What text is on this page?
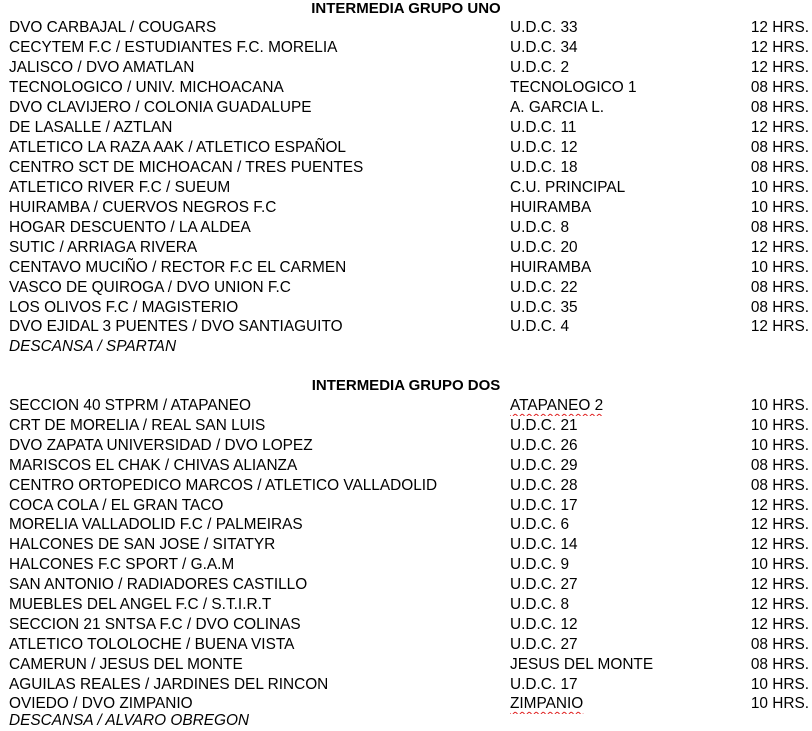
INTERMEDIA GRUPO UNO
DVO CARBAJAL / COUGARS	U.D.C. 33	12 HRS.
CECYTEM F.C / ESTUDIANTES F.C. MORELIA	U.D.C. 34	12 HRS.
JALISCO / DVO AMATLAN	U.D.C. 2	12 HRS.
TECNOLOGICO / UNIV. MICHOACANA	TECNOLOGICO 1	08 HRS.
DVO CLAVIJERO / COLONIA GUADALUPE	A. GARCIA L.	08 HRS.
DE LASALLE / AZTLAN	U.D.C. 11	12 HRS.
ATLETICO LA RAZA AAK / ATLETICO ESPAÑOL	U.D.C. 12	08 HRS.
CENTRO SCT DE MICHOACAN / TRES PUENTES	U.D.C. 18	08 HRS.
ATLETICO RIVER F.C / SUEUM	C.U. PRINCIPAL	10 HRS.
HUIRAMBA / CUERVOS NEGROS F.C	HUIRAMBA	10 HRS.
HOGAR DESCUENTO / LA ALDEA	U.D.C. 8	08 HRS.
SUTIC / ARRIAGA RIVERA	U.D.C. 20	12 HRS.
CENTAVO MUCIÑO / RECTOR F.C EL CARMEN	HUIRAMBA	10 HRS.
VASCO DE QUIROGA / DVO UNION F.C	U.D.C. 22	08 HRS.
LOS OLIVOS F.C / MAGISTERIO	U.D.C. 35	08 HRS.
DVO EJIDAL 3 PUENTES / DVO SANTIAGUITO	U.D.C. 4	12 HRS.
DESCANSA / SPARTAN
INTERMEDIA GRUPO DOS
SECCION 40 STPRM / ATAPANEO	ATAPANEO 2	10 HRS.
CRT DE MORELIA / REAL SAN LUIS	U.D.C. 21	10 HRS.
DVO ZAPATA UNIVERSIDAD / DVO LOPEZ	U.D.C. 26	10 HRS.
MARISCOS EL CHAK / CHIVAS ALIANZA	U.D.C. 29	08 HRS.
CENTRO ORTOPEDICO MARCOS / ATLETICO VALLADOLID	U.D.C. 28	08 HRS.
COCA COLA / EL GRAN TACO	U.D.C. 17	12 HRS.
MORELIA VALLADOLID F.C / PALMEIRAS	U.D.C. 6	12 HRS.
HALCONES DE SAN JOSE / SITATYR	U.D.C. 14	12 HRS.
HALCONES F.C SPORT / G.A.M	U.D.C. 9	10 HRS.
SAN ANTONIO / RADIADORES CASTILLO	U.D.C. 27	12 HRS.
MUEBLES DEL ANGEL F.C / S.T.I.R.T	U.D.C. 8	12 HRS.
SECCION 21 SNTSA F.C / DVO COLINAS	U.D.C. 12	12 HRS.
ATLETICO TOLOLOCHE / BUENA VISTA	U.D.C. 27	08 HRS.
CAMERUN / JESUS DEL MONTE	JESUS DEL MONTE	08 HRS.
AGUILAS REALES / JARDINES DEL RINCON	U.D.C. 17	10 HRS.
OVIEDO / DVO ZIMPANIO	ZIMPANIO	10 HRS.
DESCANSA / ALVARO OBREGON
